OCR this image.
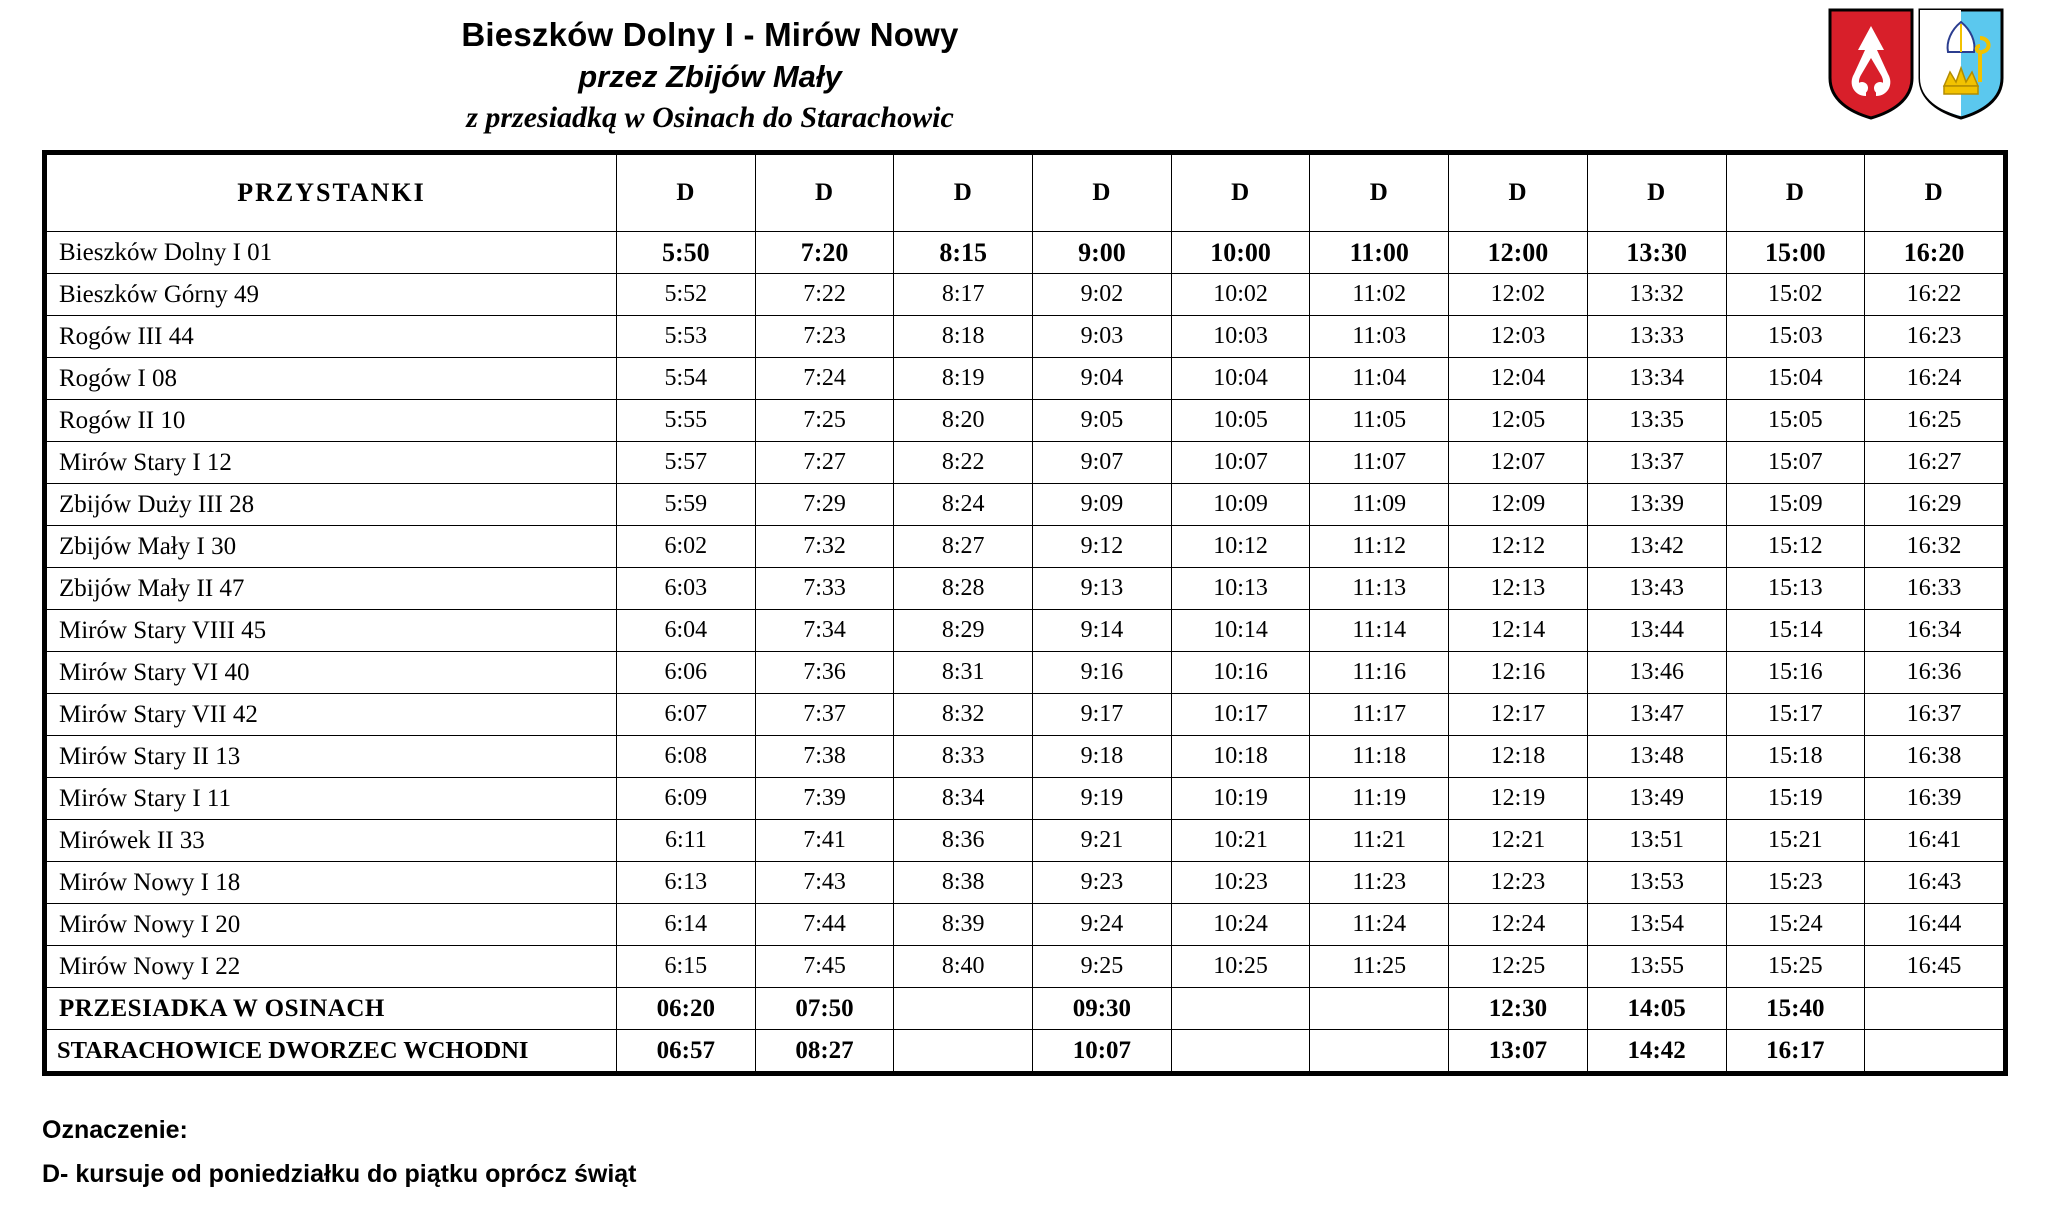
Bieszków Dolny I - Mirów Nowy
przez Zbijów Mały
z przesiadką w Osinach do Starachowic
PRZYSTANKI	D	D	D	D	D	D	D	D	D	D
Bieszków Dolny I 01	5:50	7:20	8:15	9:00	10:00	11:00	12:00	13:30	15:00	16:20
Bieszków Górny 49	5:52	7:22	8:17	9:02	10:02	11:02	12:02	13:32	15:02	16:22
Rogów III 44	5:53	7:23	8:18	9:03	10:03	11:03	12:03	13:33	15:03	16:23
Rogów I 08	5:54	7:24	8:19	9:04	10:04	11:04	12:04	13:34	15:04	16:24
Rogów II 10	5:55	7:25	8:20	9:05	10:05	11:05	12:05	13:35	15:05	16:25
Mirów Stary I 12	5:57	7:27	8:22	9:07	10:07	11:07	12:07	13:37	15:07	16:27
Zbijów Duży III 28	5:59	7:29	8:24	9:09	10:09	11:09	12:09	13:39	15:09	16:29
Zbijów Mały I 30	6:02	7:32	8:27	9:12	10:12	11:12	12:12	13:42	15:12	16:32
Zbijów Mały II 47	6:03	7:33	8:28	9:13	10:13	11:13	12:13	13:43	15:13	16:33
Mirów Stary VIII 45	6:04	7:34	8:29	9:14	10:14	11:14	12:14	13:44	15:14	16:34
Mirów Stary VI 40	6:06	7:36	8:31	9:16	10:16	11:16	12:16	13:46	15:16	16:36
Mirów Stary VII 42	6:07	7:37	8:32	9:17	10:17	11:17	12:17	13:47	15:17	16:37
Mirów Stary II 13	6:08	7:38	8:33	9:18	10:18	11:18	12:18	13:48	15:18	16:38
Mirów Stary I 11	6:09	7:39	8:34	9:19	10:19	11:19	12:19	13:49	15:19	16:39
Mirówek II 33	6:11	7:41	8:36	9:21	10:21	11:21	12:21	13:51	15:21	16:41
Mirów Nowy I 18	6:13	7:43	8:38	9:23	10:23	11:23	12:23	13:53	15:23	16:43
Mirów Nowy I 20	6:14	7:44	8:39	9:24	10:24	11:24	12:24	13:54	15:24	16:44
Mirów Nowy I 22	6:15	7:45	8:40	9:25	10:25	11:25	12:25	13:55	15:25	16:45
PRZESIADKA W OSINACH	06:20	07:50		09:30			12:30	14:05	15:40	
STARACHOWICE DWORZEC WCHODNI	06:57	08:27		10:07			13:07	14:42	16:17	
Oznaczenie:
D- kursuje od poniedziałku do piątku oprócz świąt
